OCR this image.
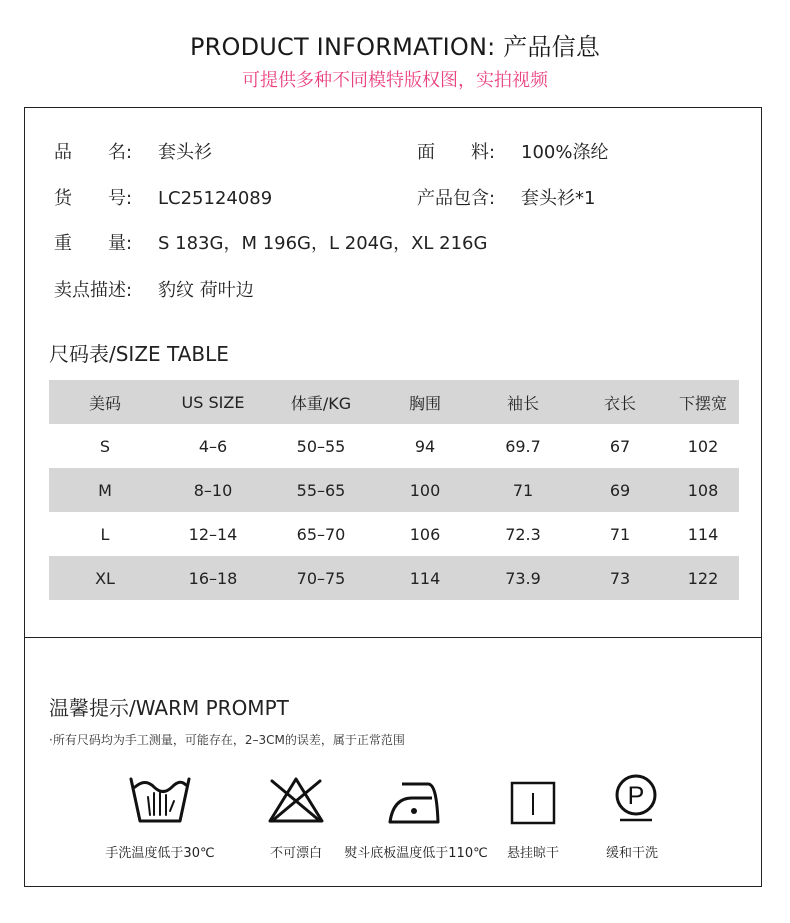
PRODUCT INFORMATION: 产品信息
可提供多种不同模特版权图，实拍视频
品　　名: 套头衫	面　　料: 100%涤纶
货　　号: LC25124089	产品包含: 套头衫*1
重　　量: S 183G，M 196G，L 204G，XL 216G
卖点描述: 豹纹 荷叶边
尺码表/SIZE TABLE
美码	US SIZE	体重/KG	胸围	袖长	衣长	下摆宽
S	4–6	50–55	94	69.7	67	102
M	8–10	55–65	100	71	69	108
L	12–14	65–70	106	72.3	71	114
XL	16–18	70–75	114	73.9	73	122
温馨提示/WARM PROMPT
·所有尺码均为手工测量，可能存在，2–3CM的误差，属于正常范围
P
手洗温度低于30℃	不可漂白	熨斗底板温度低于110℃	悬挂晾干	缓和干洗
